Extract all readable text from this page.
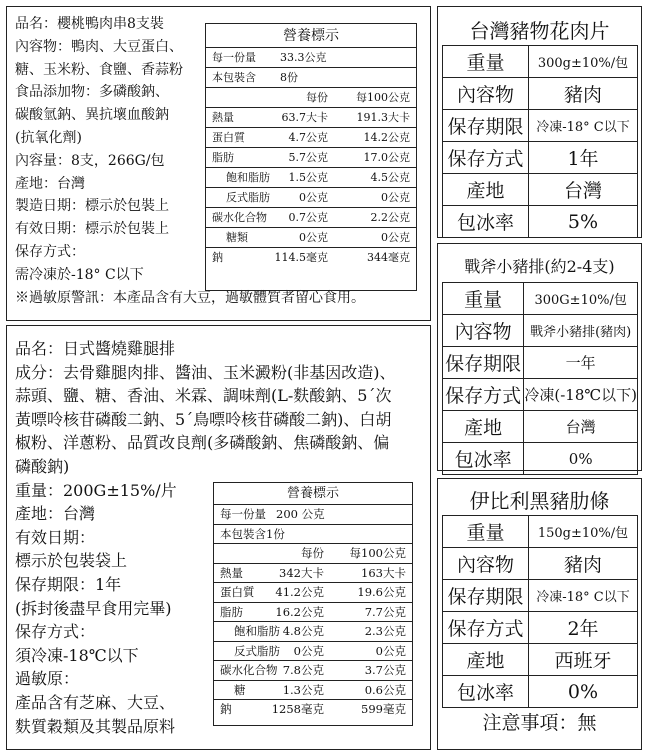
品名：櫻桃鴨肉串8支裝
內容物：鴨肉、大豆蛋白、
糖、玉米粉、食鹽、香蒜粉
食品添加物：多磷酸鈉、
碳酸氫鈉、異抗壞血酸鈉
(抗氧化劑)
內容量：8支，266G/包
產地：台灣
製造日期：標示於包裝上
有效日期：標示於包裝上
保存方式：
需冷凍於-18° C以下
※過敏原警訊：本產品含有大豆，過敏體質者留心食用。
營養標示
每一份量 33.3公克
本包裝含 8份
每份	每100公克
熱量	63.7大卡	191.3大卡
蛋白質	4.7公克	14.2公克
脂肪	5.7公克	17.0公克
飽和脂肪 1.5公克	4.5公克
反式脂肪	0公克	0公克
碳水化合物 0.7公克	2.2公克
糖類	0公克	0公克
鈉	114.5毫克	344毫克
品名：日式醬燒雞腿排
成分：去骨雞腿肉排、醬油、玉米澱粉(非基因改造)、
蒜頭、鹽、糖、香油、米霖、調味劑(L-麩酸鈉、5΄次
黃嘌呤核苷磷酸二鈉、5΄鳥嘌呤核苷磷酸二鈉)、白胡
椒粉、洋蔥粉、品質改良劑(多磷酸鈉、焦磷酸鈉、偏
磷酸鈉)
重量：200G±15%/片
產地：台灣
有效日期：
標示於包裝袋上
保存期限：1年
(拆封後盡早食用完畢)
保存方式：
須冷凍-18℃以下
過敏原：
產品含有芝麻、大豆、
麩質穀類及其製品原料
營養標示
每一份量 200 公克
本包裝含1份
每份 每100公克
熱量	342大卡	163大卡
蛋白質 41.2公克	19.6公克
脂肪	16.2公克	7.7公克
飽和脂肪 4.8公克	2.3公克
反式脂肪 0公克	0公克
碳水化合物 7.8公克	3.7公克
糖	1.3公克	0.6公克
鈉	1258毫克	599毫克
台灣豬物花肉片
重量	300g±10%/包
內容物	豬肉
保存期限	冷凍-18° C以下
保存方式	1年
產地	台灣
包冰率	5%
戰斧小豬排(約2-4支)
重量	300G±10%/包
內容物	戰斧小豬排(豬肉)
保存期限	一年
保存方式	冷凍(-18℃以下)
產地	台灣
包冰率	0%
伊比利黑豬肋條
重量	150g±10%/包
內容物	豬肉
保存期限	冷凍-18° C以下
保存方式	2年
產地	西班牙
包冰率	0%
注意事項：無
